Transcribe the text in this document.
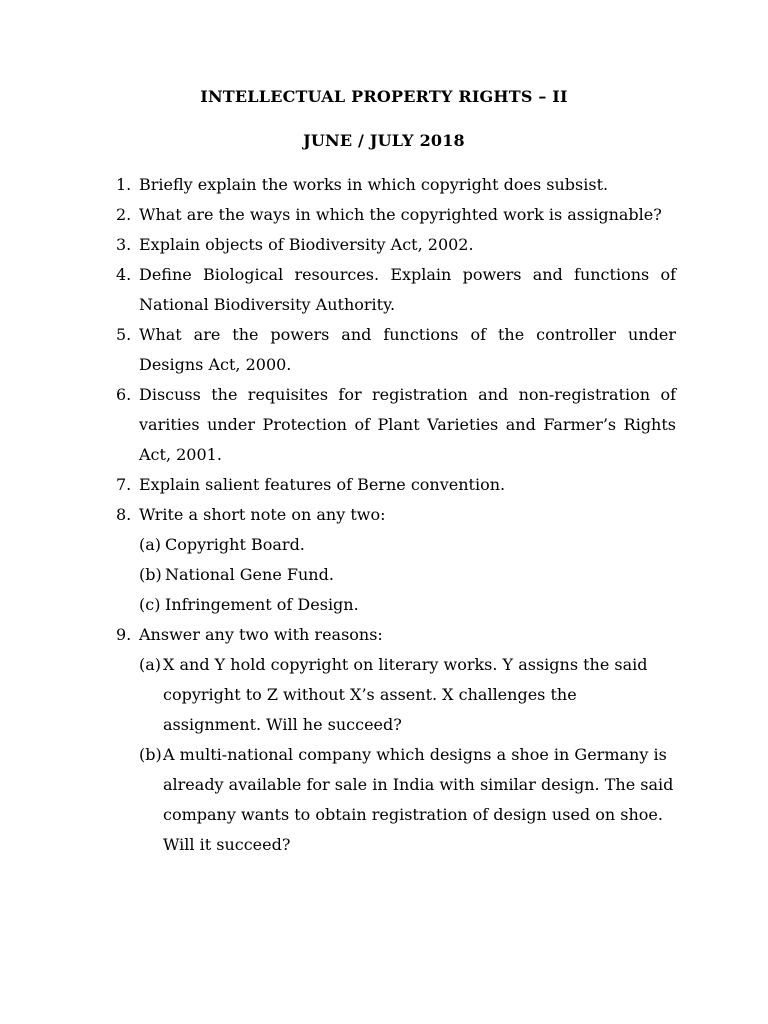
INTELLECTUAL PROPERTY RIGHTS – II
JUNE / JULY 2018
1. Briefly explain the works in which copyright does subsist.
2. What are the ways in which the copyrighted work is assignable?
3. Explain objects of Biodiversity Act, 2002.
4. Define Biological resources. Explain powers and functions of National Biodiversity Authority.
5. What are the powers and functions of the controller under Designs Act, 2000.
6. Discuss the requisites for registration and non-registration of varities under Protection of Plant Varieties and Farmer’s Rights Act, 2001.
7. Explain salient features of Berne convention.
8. Write a short note on any two:
(a) Copyright Board.
(b) National Gene Fund.
(c) Infringement of Design.
9. Answer any two with reasons:
(a) X and Y hold copyright on literary works. Y assigns the said copyright to Z without X’s assent. X challenges the assignment. Will he succeed?
(b) A multi-national company which designs a shoe in Germany is already available for sale in India with similar design. The said company wants to obtain registration of design used on shoe. Will it succeed?
